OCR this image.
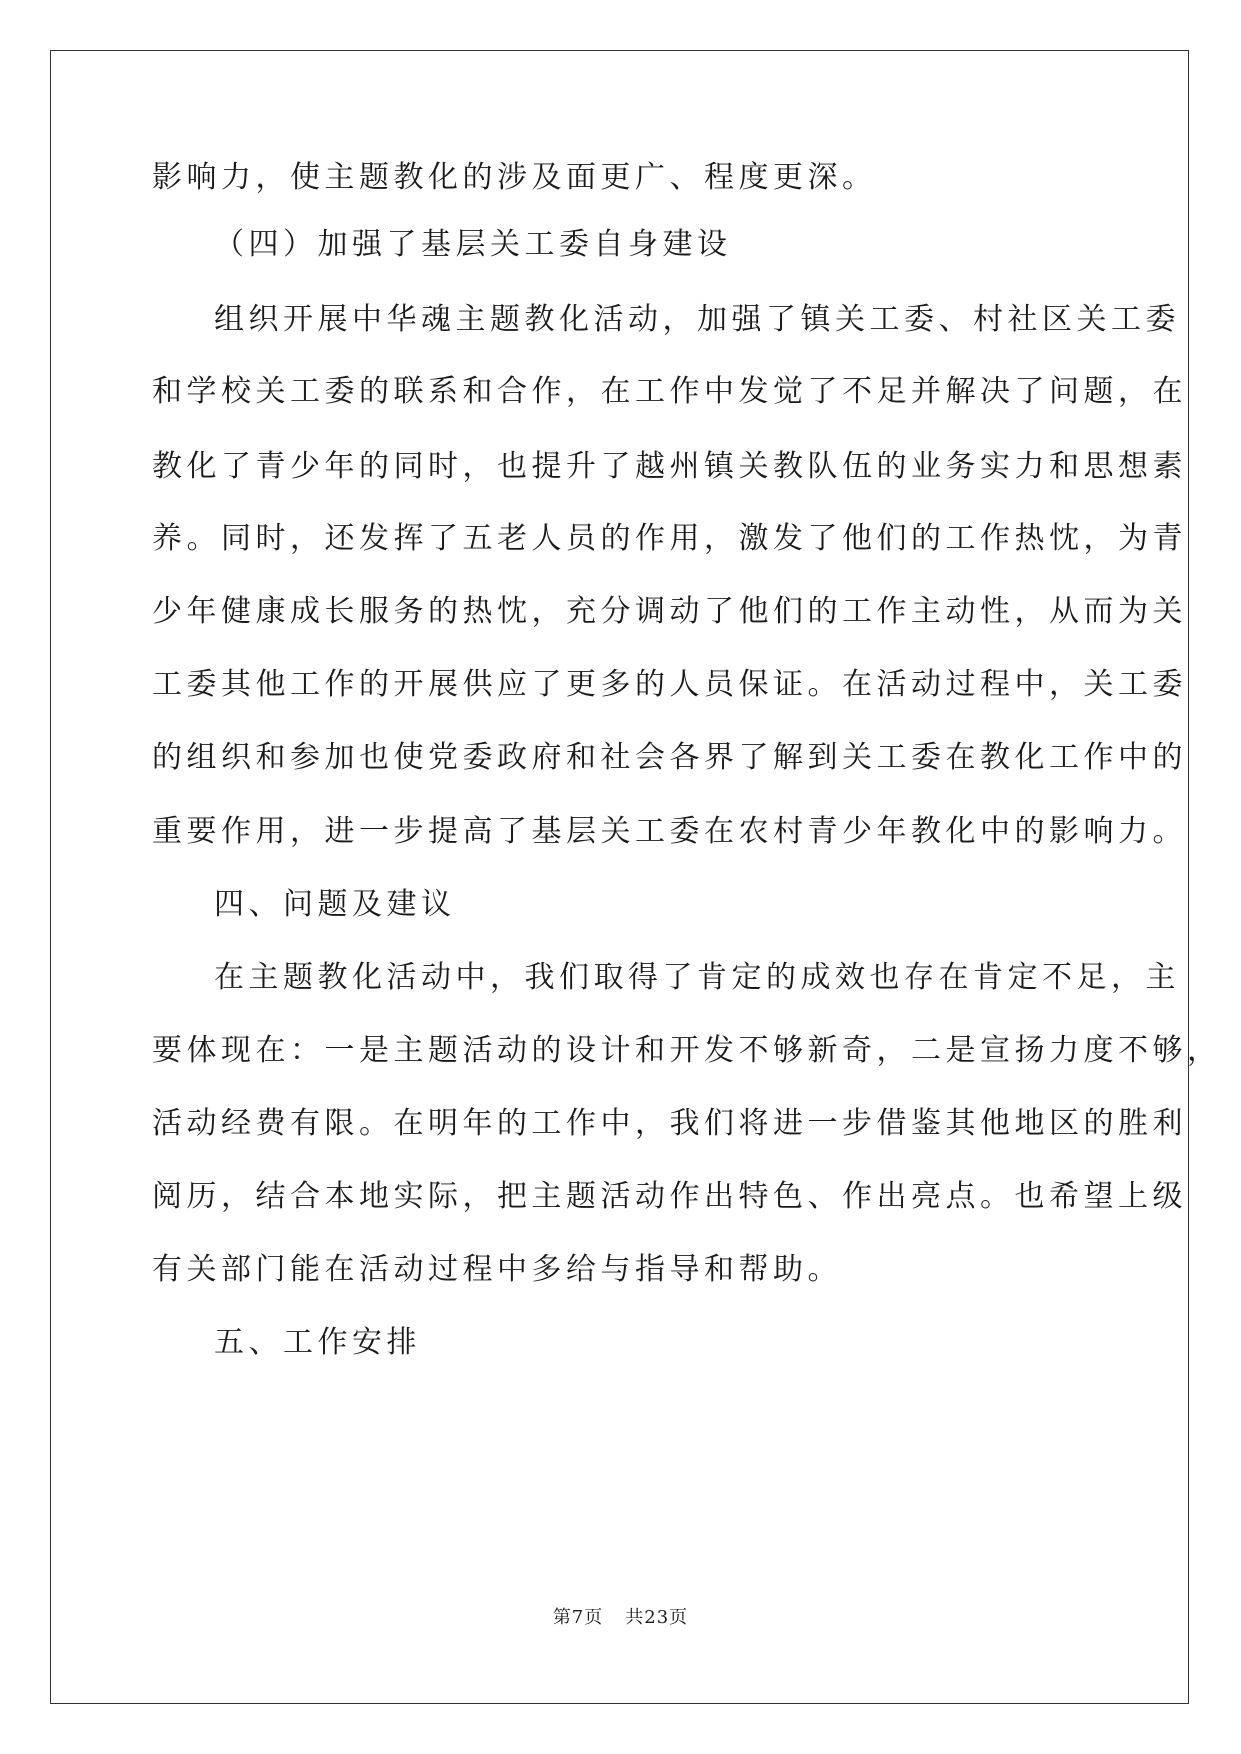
影响力，使主题教化的涉及面更广、程度更深。

（四）加强了基层关工委自身建设

组织开展中华魂主题教化活动，加强了镇关工委、村社区关工委

和学校关工委的联系和合作，在工作中发觉了不足并解决了问题，在

教化了青少年的同时，也提升了越州镇关教队伍的业务实力和思想素

养。同时，还发挥了五老人员的作用，激发了他们的工作热忱，为青

少年健康成长服务的热忱，充分调动了他们的工作主动性，从而为关

工委其他工作的开展供应了更多的人员保证。在活动过程中，关工委

的组织和参加也使党委政府和社会各界了解到关工委在教化工作中的

重要作用，进一步提高了基层关工委在农村青少年教化中的影响力。

四、问题及建议

在主题教化活动中，我们取得了肯定的成效也存在肯定不足，主

要体现在：一是主题活动的设计和开发不够新奇，二是宣扬力度不够，

活动经费有限。在明年的工作中，我们将进一步借鉴其他地区的胜利

阅历，结合本地实际，把主题活动作出特色、作出亮点。也希望上级

有关部门能在活动过程中多给与指导和帮助。

五、工作安排

第7页 共23页
